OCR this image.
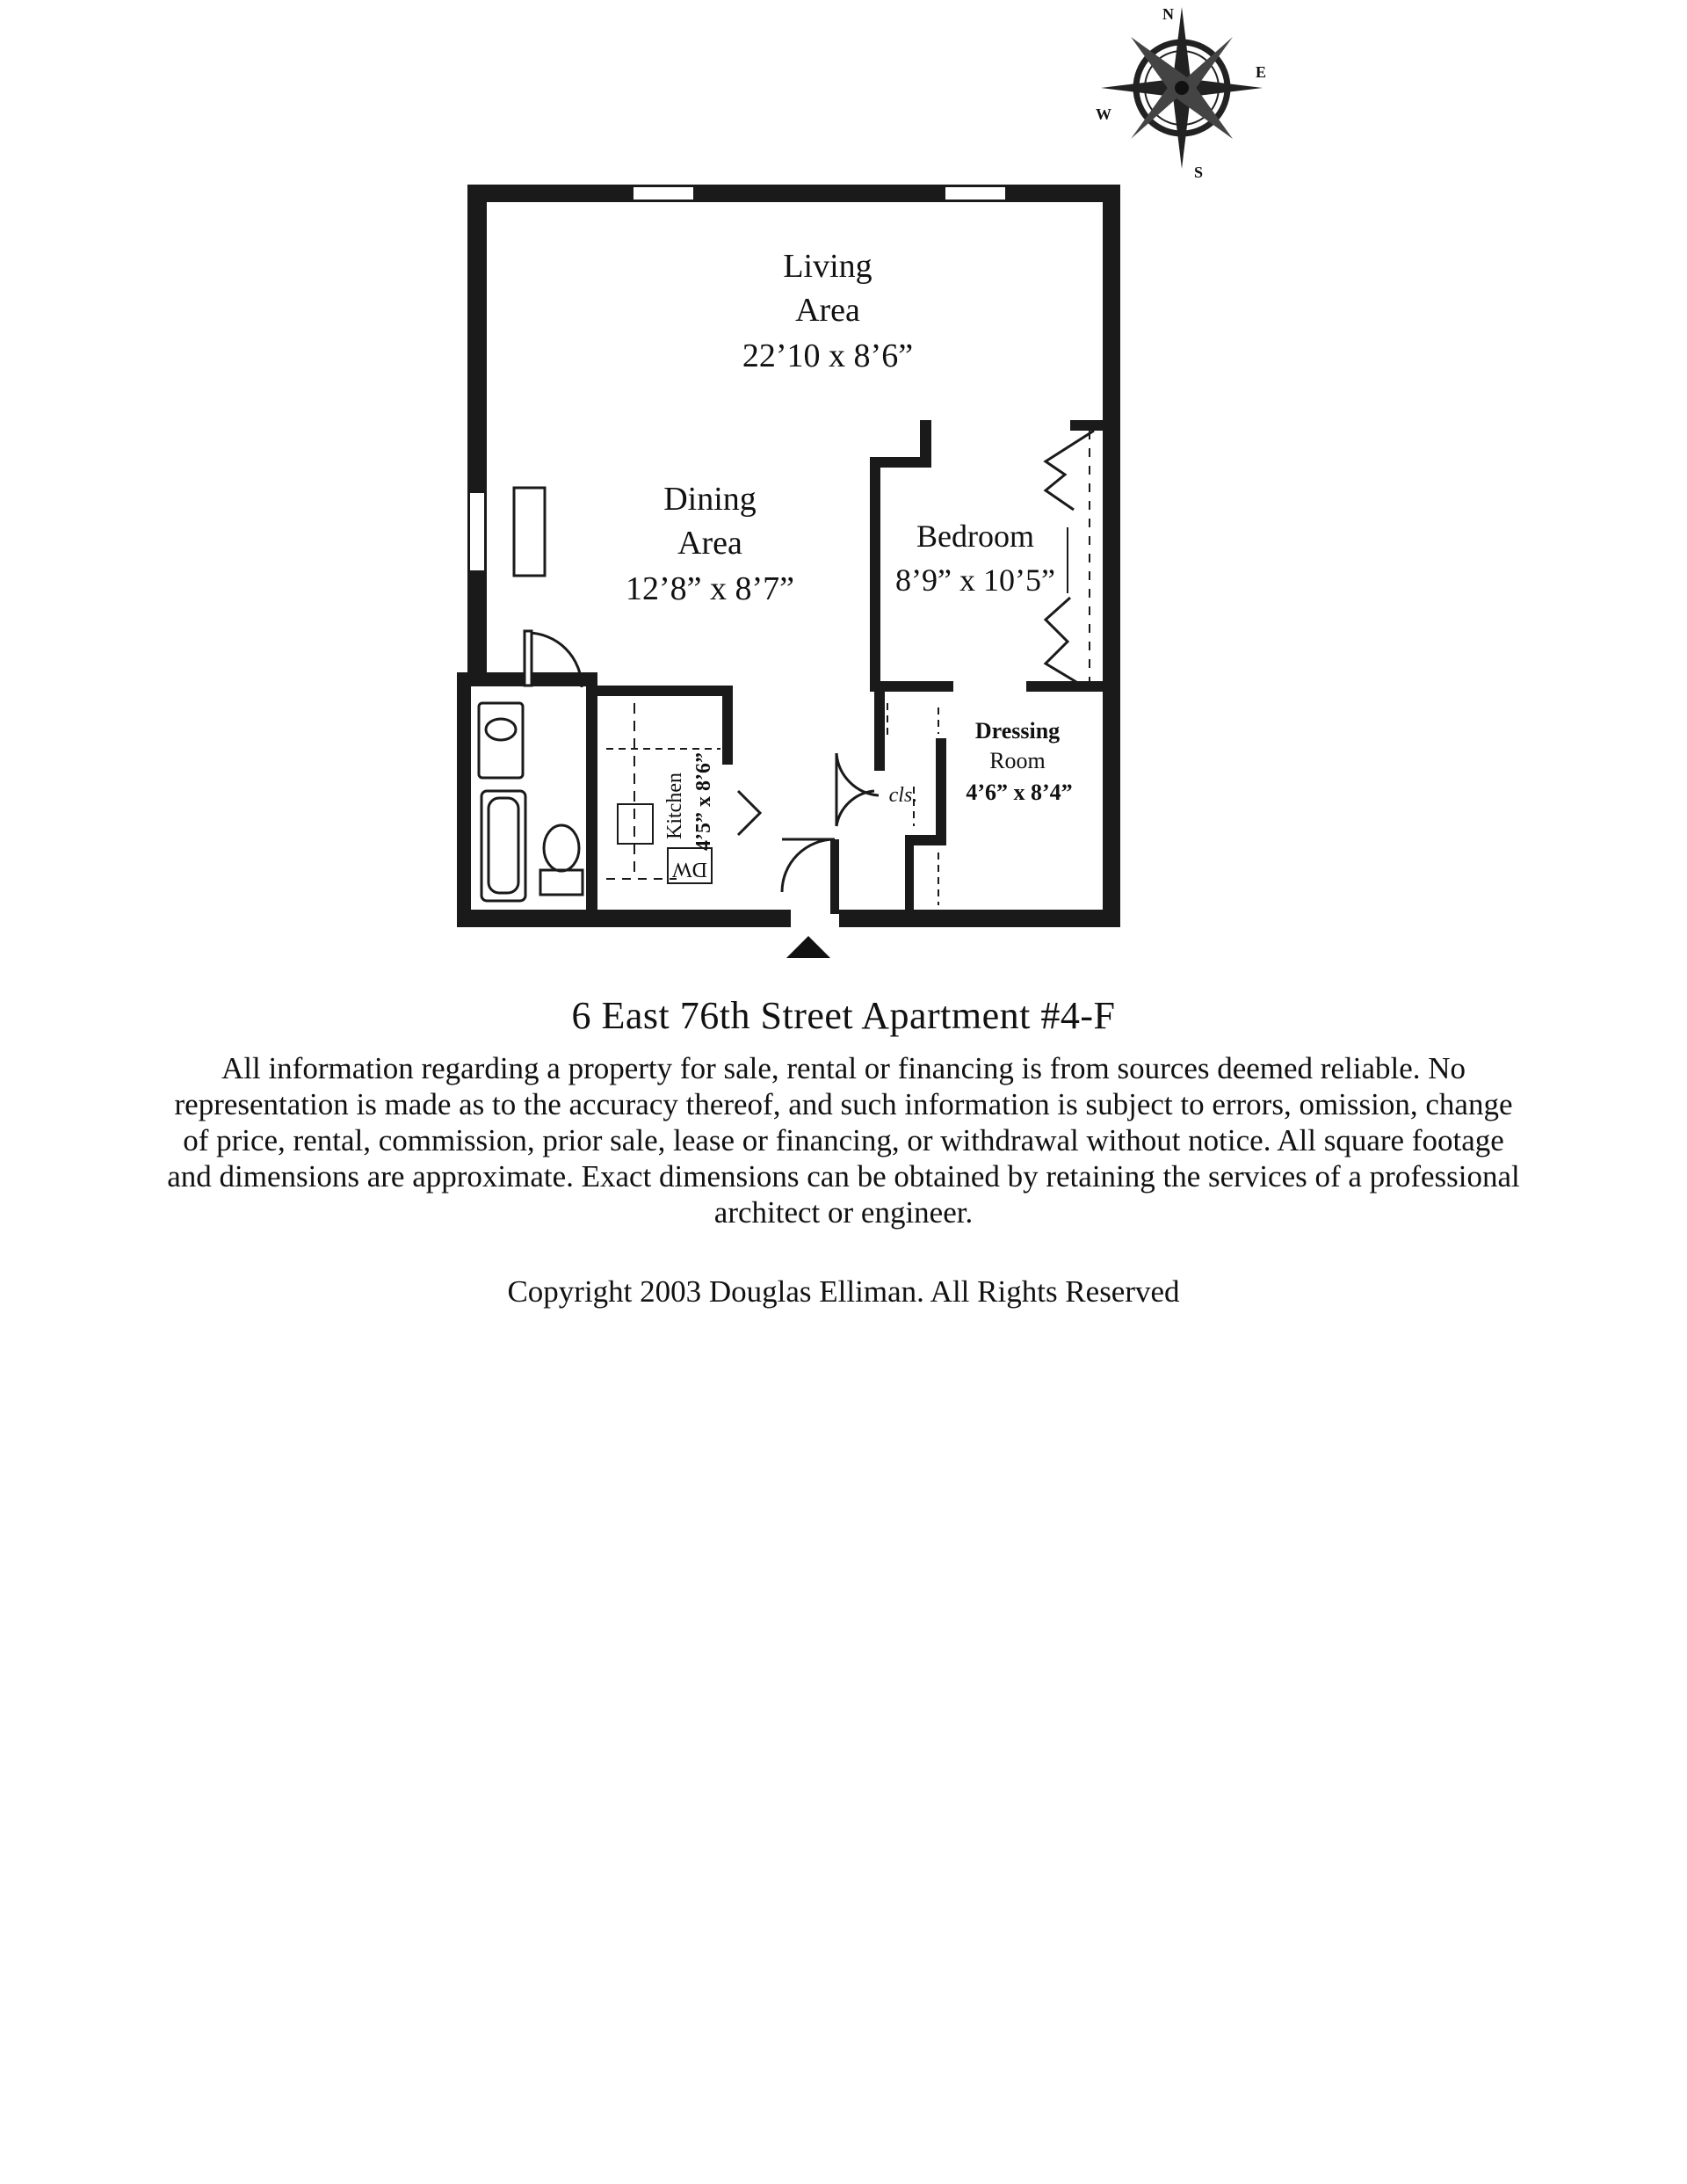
N
E
S
W
Living
Area
22’10 x 8’6”
Dining
Area
12’8” x 8’7”
Bedroom
8’9” x 10’5”
Kitchen 4’5” x 8’6”
Dressing
Room
4’6” x 8’4”
cls.
DW
6 East 76th Street Apartment #4-F
All information regarding a property for sale, rental or financing is from sources deemed reliable. No representation is made as to the accuracy thereof, and such information is subject to errors, omission, change of price, rental, commission, prior sale, lease or financing, or withdrawal without notice. All square footage and dimensions are approximate. Exact dimensions can be obtained by retaining the services of a professional architect or engineer.
Copyright 2003 Douglas Elliman. All Rights Reserved
